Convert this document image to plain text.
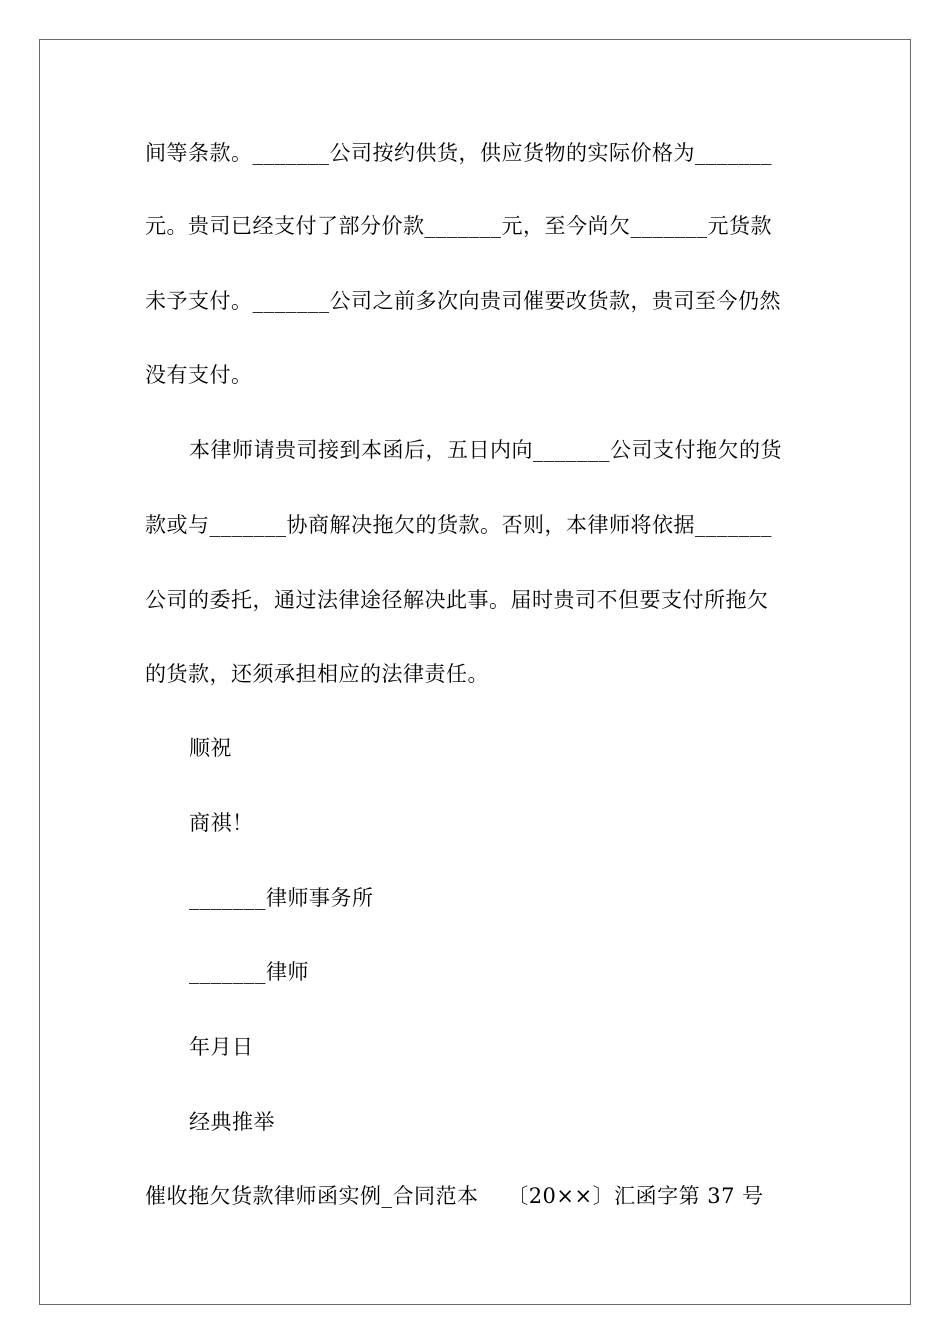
间等条款。_______公司按约供货，供应货物的实际价格为_______
元。贵司已经支付了部分价款_______元，至今尚欠_______元货款
未予支付。_______公司之前多次向贵司催要改货款，贵司至今仍然
没有支付。
本律师请贵司接到本函后，五日内向_______公司支付拖欠的货
款或与_______协商解决拖欠的货款。否则，本律师将依据_______
公司的委托，通过法律途径解决此事。届时贵司不但要支付所拖欠
的货款，还须承担相应的法律责任。
顺祝
商祺！
_______律师事务所
_______律师
年月日
经典推举
催收拖欠货款律师函实例_合同范本    〔20××〕汇函字第 37 号
